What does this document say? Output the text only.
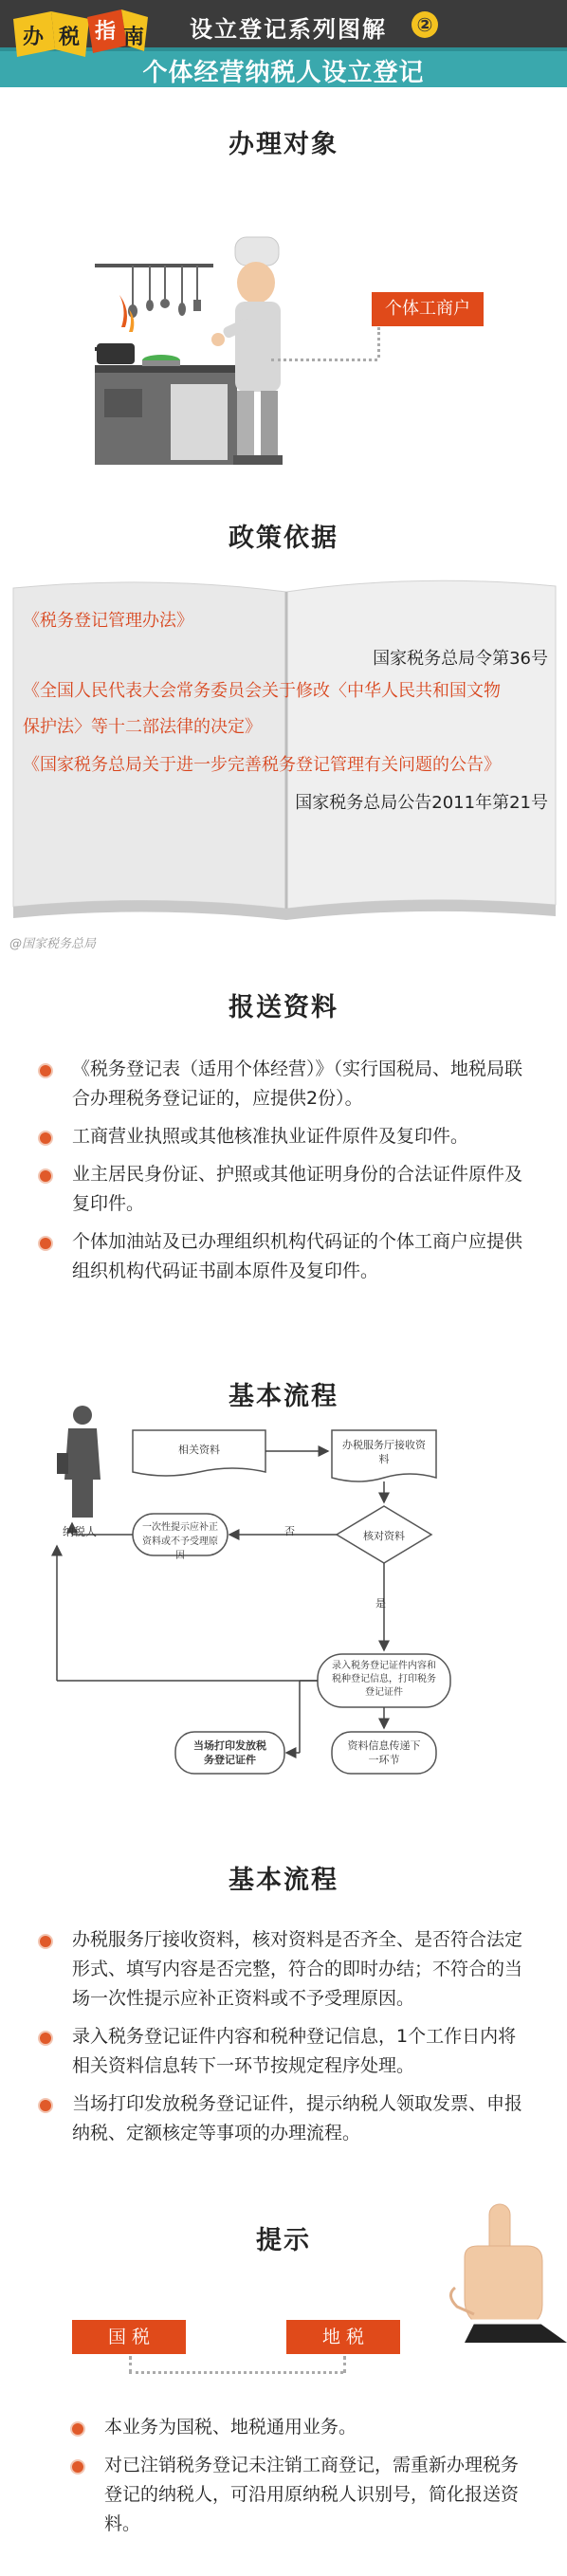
办 税 指 南 设立登记系列图解 ②
个体经营纳税人设立登记
办理对象
个体工商户
政策依据
《税务登记管理办法》
国家税务总局令第36号
《全国人民代表大会常务委员会关于修改〈中华人民共和国文物
保护法〉等十二部法律的决定》
《国家税务总局关于进一步完善税务登记管理有关问题的公告》
国家税务总局公告2011年第21号
@国家税务总局
报送资料
《税务登记表（适用个体经营）》（实行国税局、地税局联合办理税务登记证的，应提供2份）。
工商营业执照或其他核准执业证件原件及复印件。
业主居民身份证、护照或其他证明身份的合法证件原件及复印件。
个体加油站及已办理组织机构代码证的个体工商户应提供组织机构代码证书副本原件及复印件。
基本流程
纳税人
相关资料	办税服务厅接收资料
一次性提示应补正资料或不予受理原因
否	核对资料
是
录入税务登记证件内容和税种登记信息，打印税务登记证件
资料信息传递下一环节
当场打印发放税务登记证件
基本流程
办税服务厅接收资料，核对资料是否齐全、是否符合法定形式、填写内容是否完整，符合的即时办结；不符合的当场一次性提示应补正资料或不予受理原因。
录入税务登记证件内容和税种登记信息，1个工作日内将相关资料信息转下一环节按规定程序处理。
当场打印发放税务登记证件，提示纳税人领取发票、申报纳税、定额核定等事项的办理流程。
提示
国 税	地 税
本业务为国税、地税通用业务。
对已注销税务登记未注销工商登记，需重新办理税务登记的纳税人，可沿用原纳税人识别号，简化报送资料。
